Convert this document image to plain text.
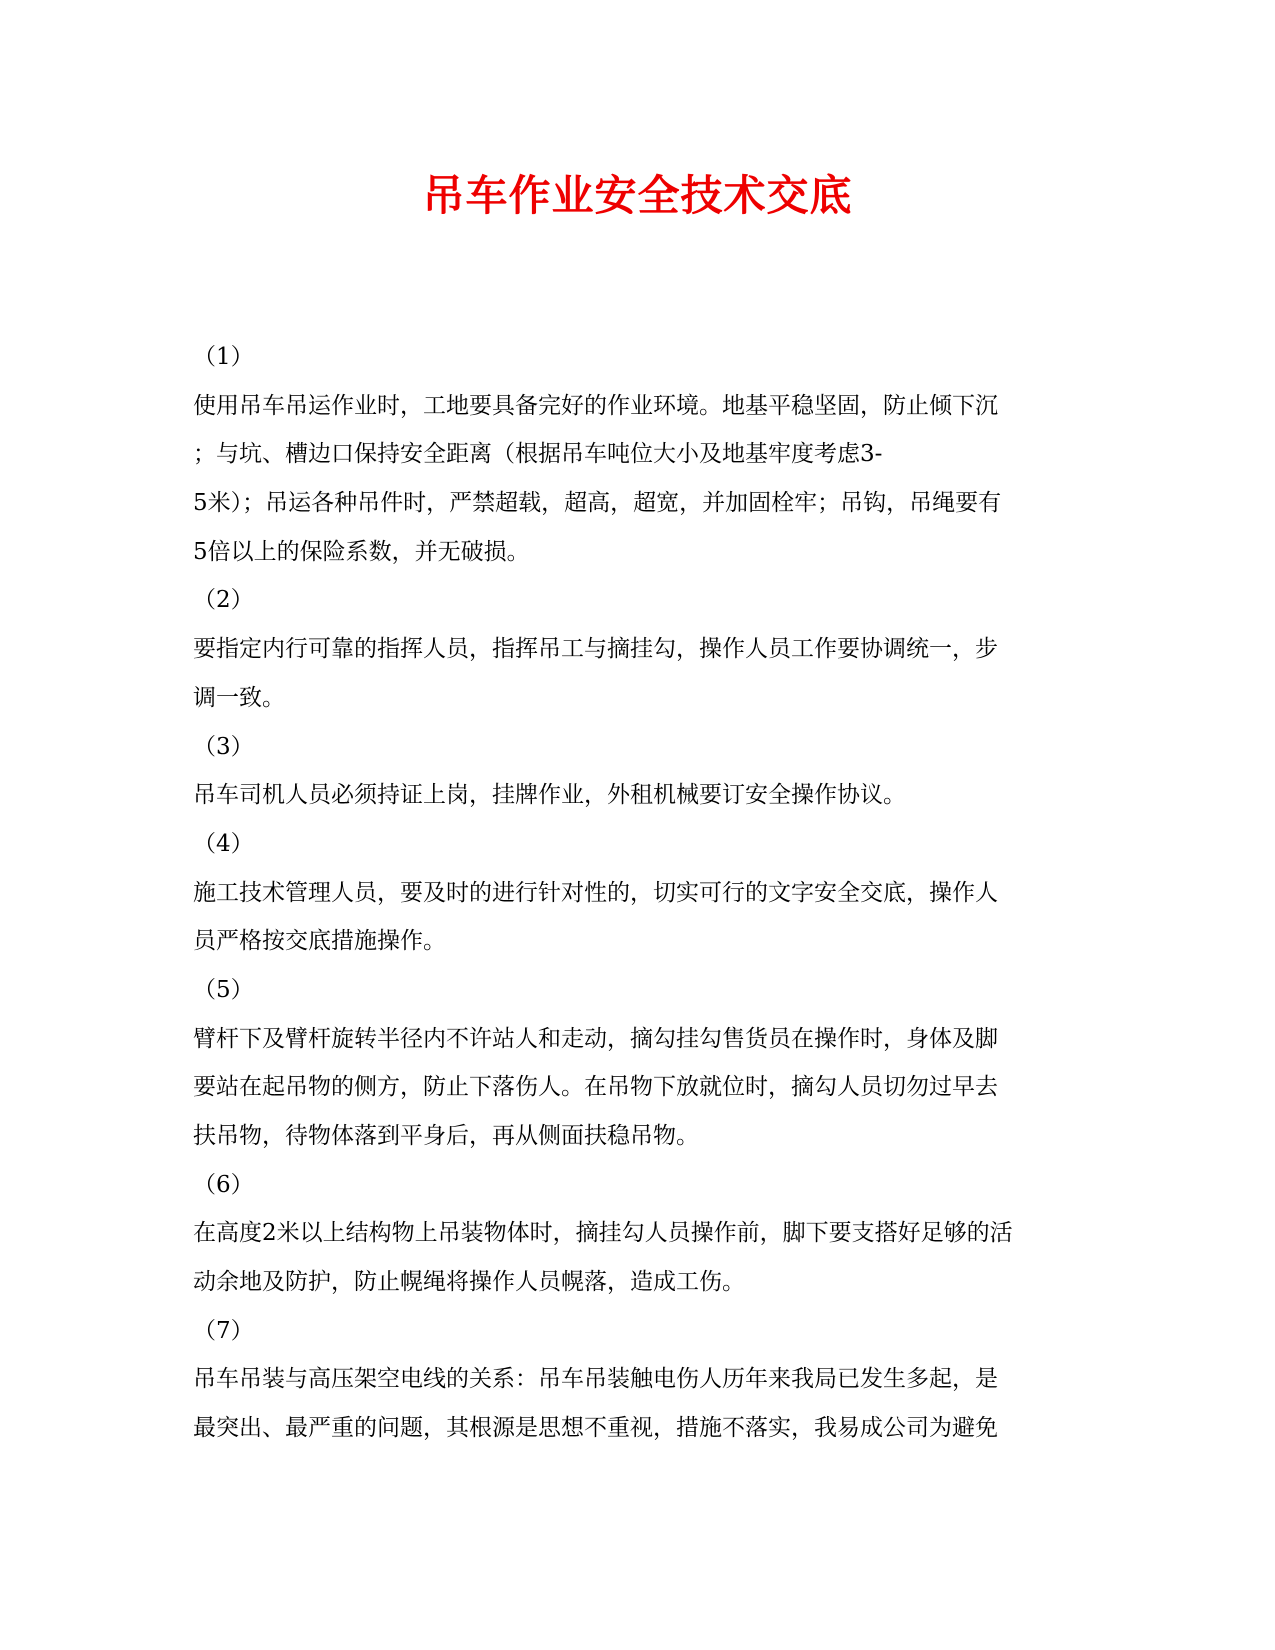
吊车作业安全技术交底
（1）
使用吊车吊运作业时，工地要具备完好的作业环境。地基平稳坚固，防止倾下沉
；与坑、槽边口保持安全距离（根据吊车吨位大小及地基牢度考虑3-
5米）；吊运各种吊件时，严禁超载，超高，超宽，并加固栓牢；吊钩，吊绳要有
5倍以上的保险系数，并无破损。
（2）
要指定内行可靠的指挥人员，指挥吊工与摘挂勾，操作人员工作要协调统一，步
调一致。
（3）
吊车司机人员必须持证上岗，挂牌作业，外租机械要订安全操作协议。
（4）
施工技术管理人员，要及时的进行针对性的，切实可行的文字安全交底，操作人
员严格按交底措施操作。
（5）
臂杆下及臂杆旋转半径内不许站人和走动，摘勾挂勾售货员在操作时，身体及脚
要站在起吊物的侧方，防止下落伤人。在吊物下放就位时，摘勾人员切勿过早去
扶吊物，待物体落到平身后，再从侧面扶稳吊物。
（6）
在高度2米以上结构物上吊装物体时，摘挂勾人员操作前，脚下要支搭好足够的活
动余地及防护，防止幌绳将操作人员幌落，造成工伤。
（7）
吊车吊装与高压架空电线的关系：吊车吊装触电伤人历年来我局已发生多起，是
最突出、最严重的问题，其根源是思想不重视，措施不落实，我易成公司为避免
